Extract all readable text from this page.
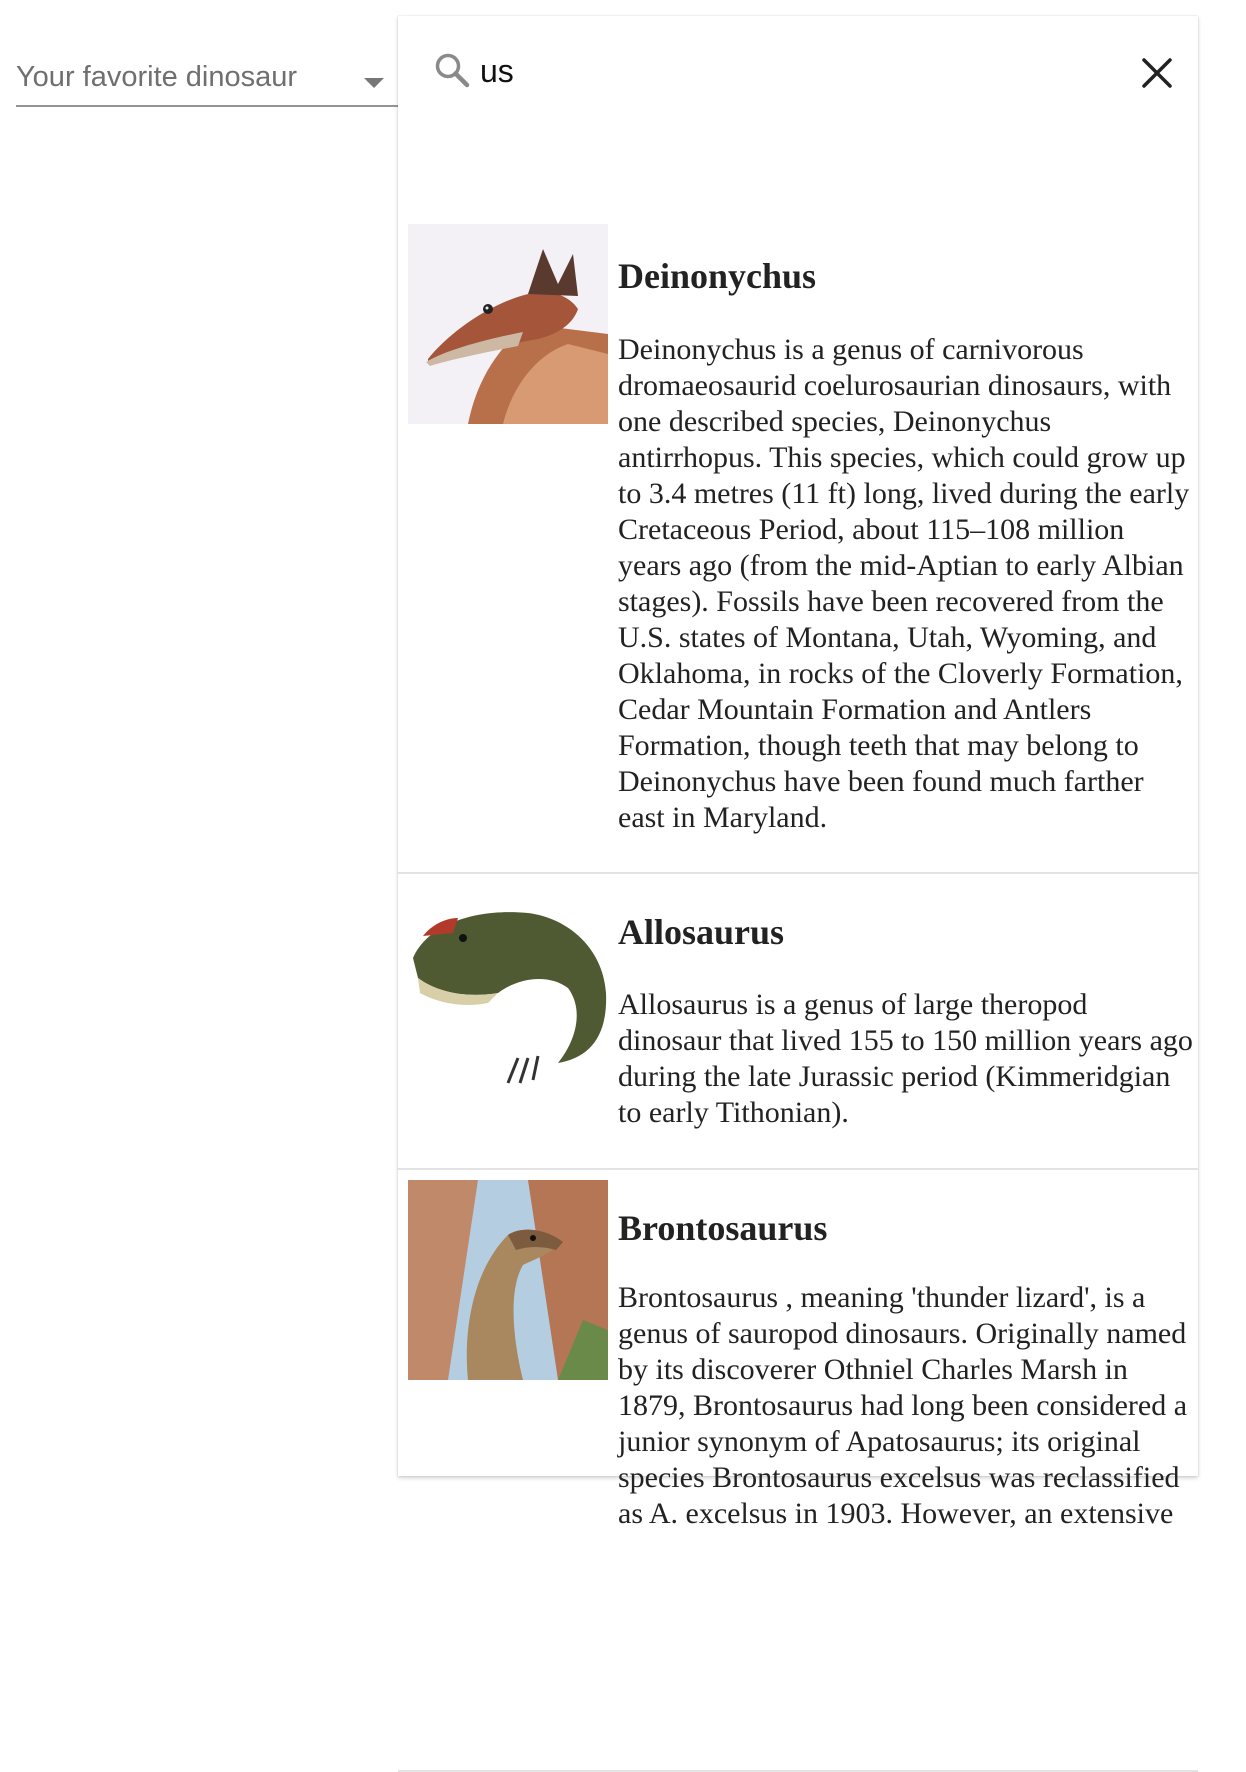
Your favorite dinosaur
us
Deinonychus

Deinonychus is a genus of carnivorous dromaeosaurid coelurosaurian dinosaurs, with one described species, Deinonychus antirrhopus. This species, which could grow up to 3.4 metres (11 ft) long, lived during the early Cretaceous Period, about 115–108 million years ago (from the mid-Aptian to early Albian stages). Fossils have been recovered from the U.S. states of Montana, Utah, Wyoming, and Oklahoma, in rocks of the Cloverly Formation, Cedar Mountain Formation and Antlers Formation, though teeth that may belong to Deinonychus have been found much farther east in Maryland.

Allosaurus

Allosaurus is a genus of large theropod dinosaur that lived 155 to 150 million years ago during the late Jurassic period (Kimmeridgian to early Tithonian).

Brontosaurus

Brontosaurus , meaning 'thunder lizard', is a genus of sauropod dinosaurs. Originally named by its discoverer Othniel Charles Marsh in 1879, Brontosaurus had long been considered a junior synonym of Apatosaurus; its original species Brontosaurus excelsus was reclassified as A. excelsus in 1903. However, an extensive
